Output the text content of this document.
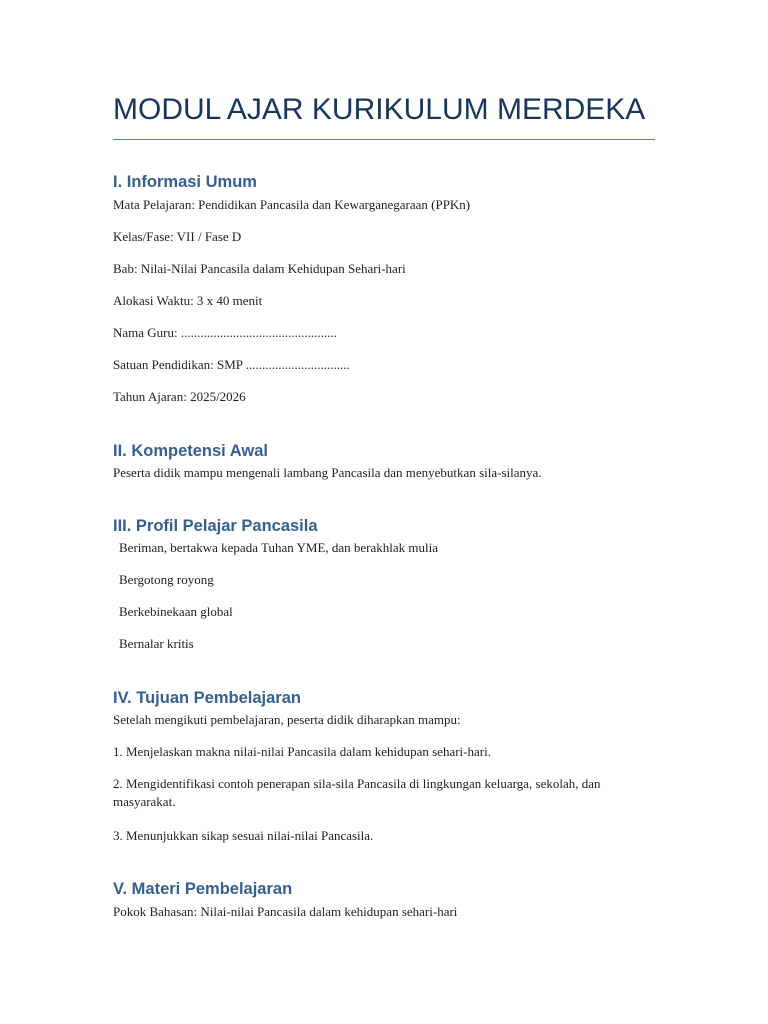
MODUL AJAR KURIKULUM MERDEKA
I. Informasi Umum

Mata Pelajaran: Pendidikan Pancasila dan Kewarganegaraan (PPKn)

Kelas/Fase: VII / Fase D

Bab: Nilai-Nilai Pancasila dalam Kehidupan Sehari-hari

Alokasi Waktu: 3 x 40 menit

Nama Guru: ................................................

Satuan Pendidikan: SMP ................................

Tahun Ajaran: 2025/2026

II. Kompetensi Awal

Peserta didik mampu mengenali lambang Pancasila dan menyebutkan sila-silanya.

III. Profil Pelajar Pancasila

Beriman, bertakwa kepada Tuhan YME, dan berakhlak mulia

Bergotong royong

Berkebinekaan global

Bernalar kritis

IV. Tujuan Pembelajaran

Setelah mengikuti pembelajaran, peserta didik diharapkan mampu:

1. Menjelaskan makna nilai-nilai Pancasila dalam kehidupan sehari-hari.

2. Mengidentifikasi contoh penerapan sila-sila Pancasila di lingkungan keluarga, sekolah, dan masyarakat.

3. Menunjukkan sikap sesuai nilai-nilai Pancasila.

V. Materi Pembelajaran

Pokok Bahasan: Nilai-nilai Pancasila dalam kehidupan sehari-hari
